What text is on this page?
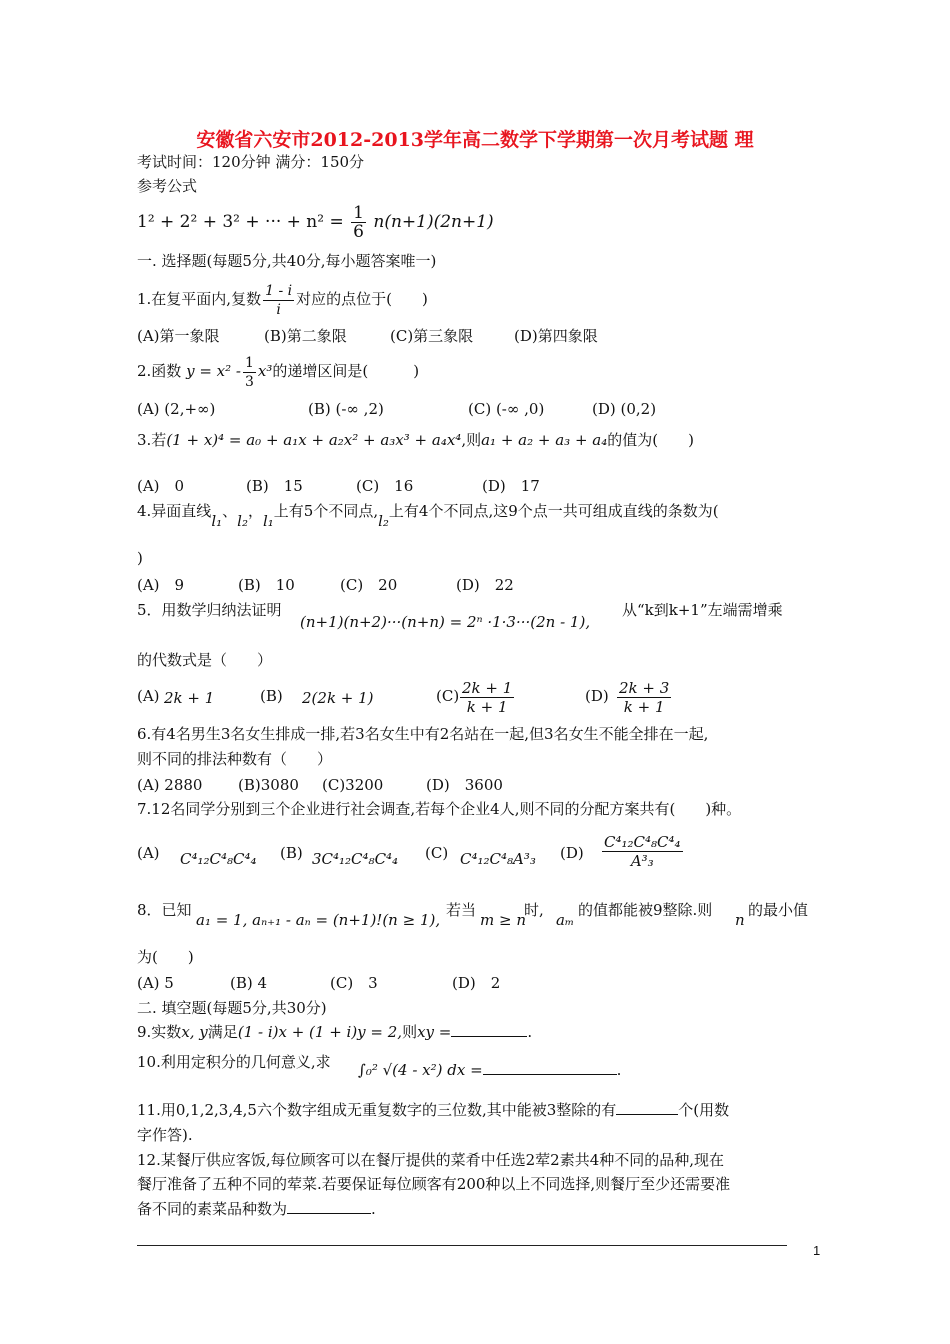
安徽省六安市2012-2013学年高二数学下学期第一次月考试题 理
考试时间：120分钟 满分：150分
参考公式
1² + 2² + 3² + ··· + $n^2 = \frac{1}{6} n(n+1)(2n+1)$
一. 选择题(每题5分,共40分,每小题答案唯一)
1.在复平面内,复数 $\frac{1 - i}{i}$ 对应的点位于(　　)
(A)第一象限	(B)第二象限	(C)第三象限	(D)第四象限
2.函数 $y = x^2 - \frac{1}{3} x^3$的递增区间是(　　　)
(A) (2,+∞)	(B) (-∞ ,2)	(C) (-∞ ,0)	(D) (0,2)
3.若(1 + x)⁴ = a₀ + a₁x + a₂x² + a₃x³ + a₄x⁴,则a₁ + a₂ + a₃ + a₄的值为(　　)
(A)　0	(B)　15	(C)　16	(D)　17
4.异面直线l₁、l₂，l₁上有5个不同点,l₂上有4个不同点,这9个点一共可组成直线的条数为(
)
(A)　9	(B)　10	(C)　20	(D)　22
5．用数学归纳法证明
(n+1)(n+2)···(n+n) = 2ⁿ ·1·3···(2n - 1),
从“k到k+1”左端需增乘
的代数式是（　　）
(A) 2k + 1	(B) 2(2k + 1)	$(C) \frac{2k + 1}{k + 1}$	$(D) \frac{2k + 3}{k + 1}$
6.有4名男生3名女生排成一排,若3名女生中有2名站在一起,但3名女生不能全排在一起,
则不同的排法种数有（　　）
(A) 2880 (B)3080 (C)3200	(D)　3600
7.12名同学分别到三个企业进行社会调查,若每个企业4人,则不同的分配方案共有(　　)种。
(A) C⁴₁₂C⁴₈C⁴₄ (B) 3C⁴₁₂C⁴₈C⁴₄ (C) C⁴₁₂C⁴₈A³₃ $(D) \frac{\text{C⁴₁₂C⁴₈C⁴₄}}{\text{A³₃}}$
8．已知
a₁ = 1, aₙ₊₁ - aₙ = (n+1)!(n ≥ 1),
若当
m ≥ n
时,
aₘ
的值都能被9整除.则
n
的最小值
为(　　)
(A) 5	(B) 4	(C)　3	(D)　2
二. 填空题(每题5分,共30分)
9.实数x, y满足(1 - i)x + (1 + i)y = 2,则xy =	.
10.利用定积分的几何意义,求 ∫₀² √(4 - x²) dx =	.
11.用0,1,2,3,4,5六个数字组成无重复数字的三位数,其中能被3整除的有	个(用数
字作答).
12.某餐厅供应客饭,每位顾客可以在餐厅提供的菜肴中任选2荤2素共4种不同的品种,现在
餐厅准备了五种不同的荤菜.若要保证每位顾客有200种以上不同选择,则餐厅至少还需要准
备不同的素菜品种数为	.
1
